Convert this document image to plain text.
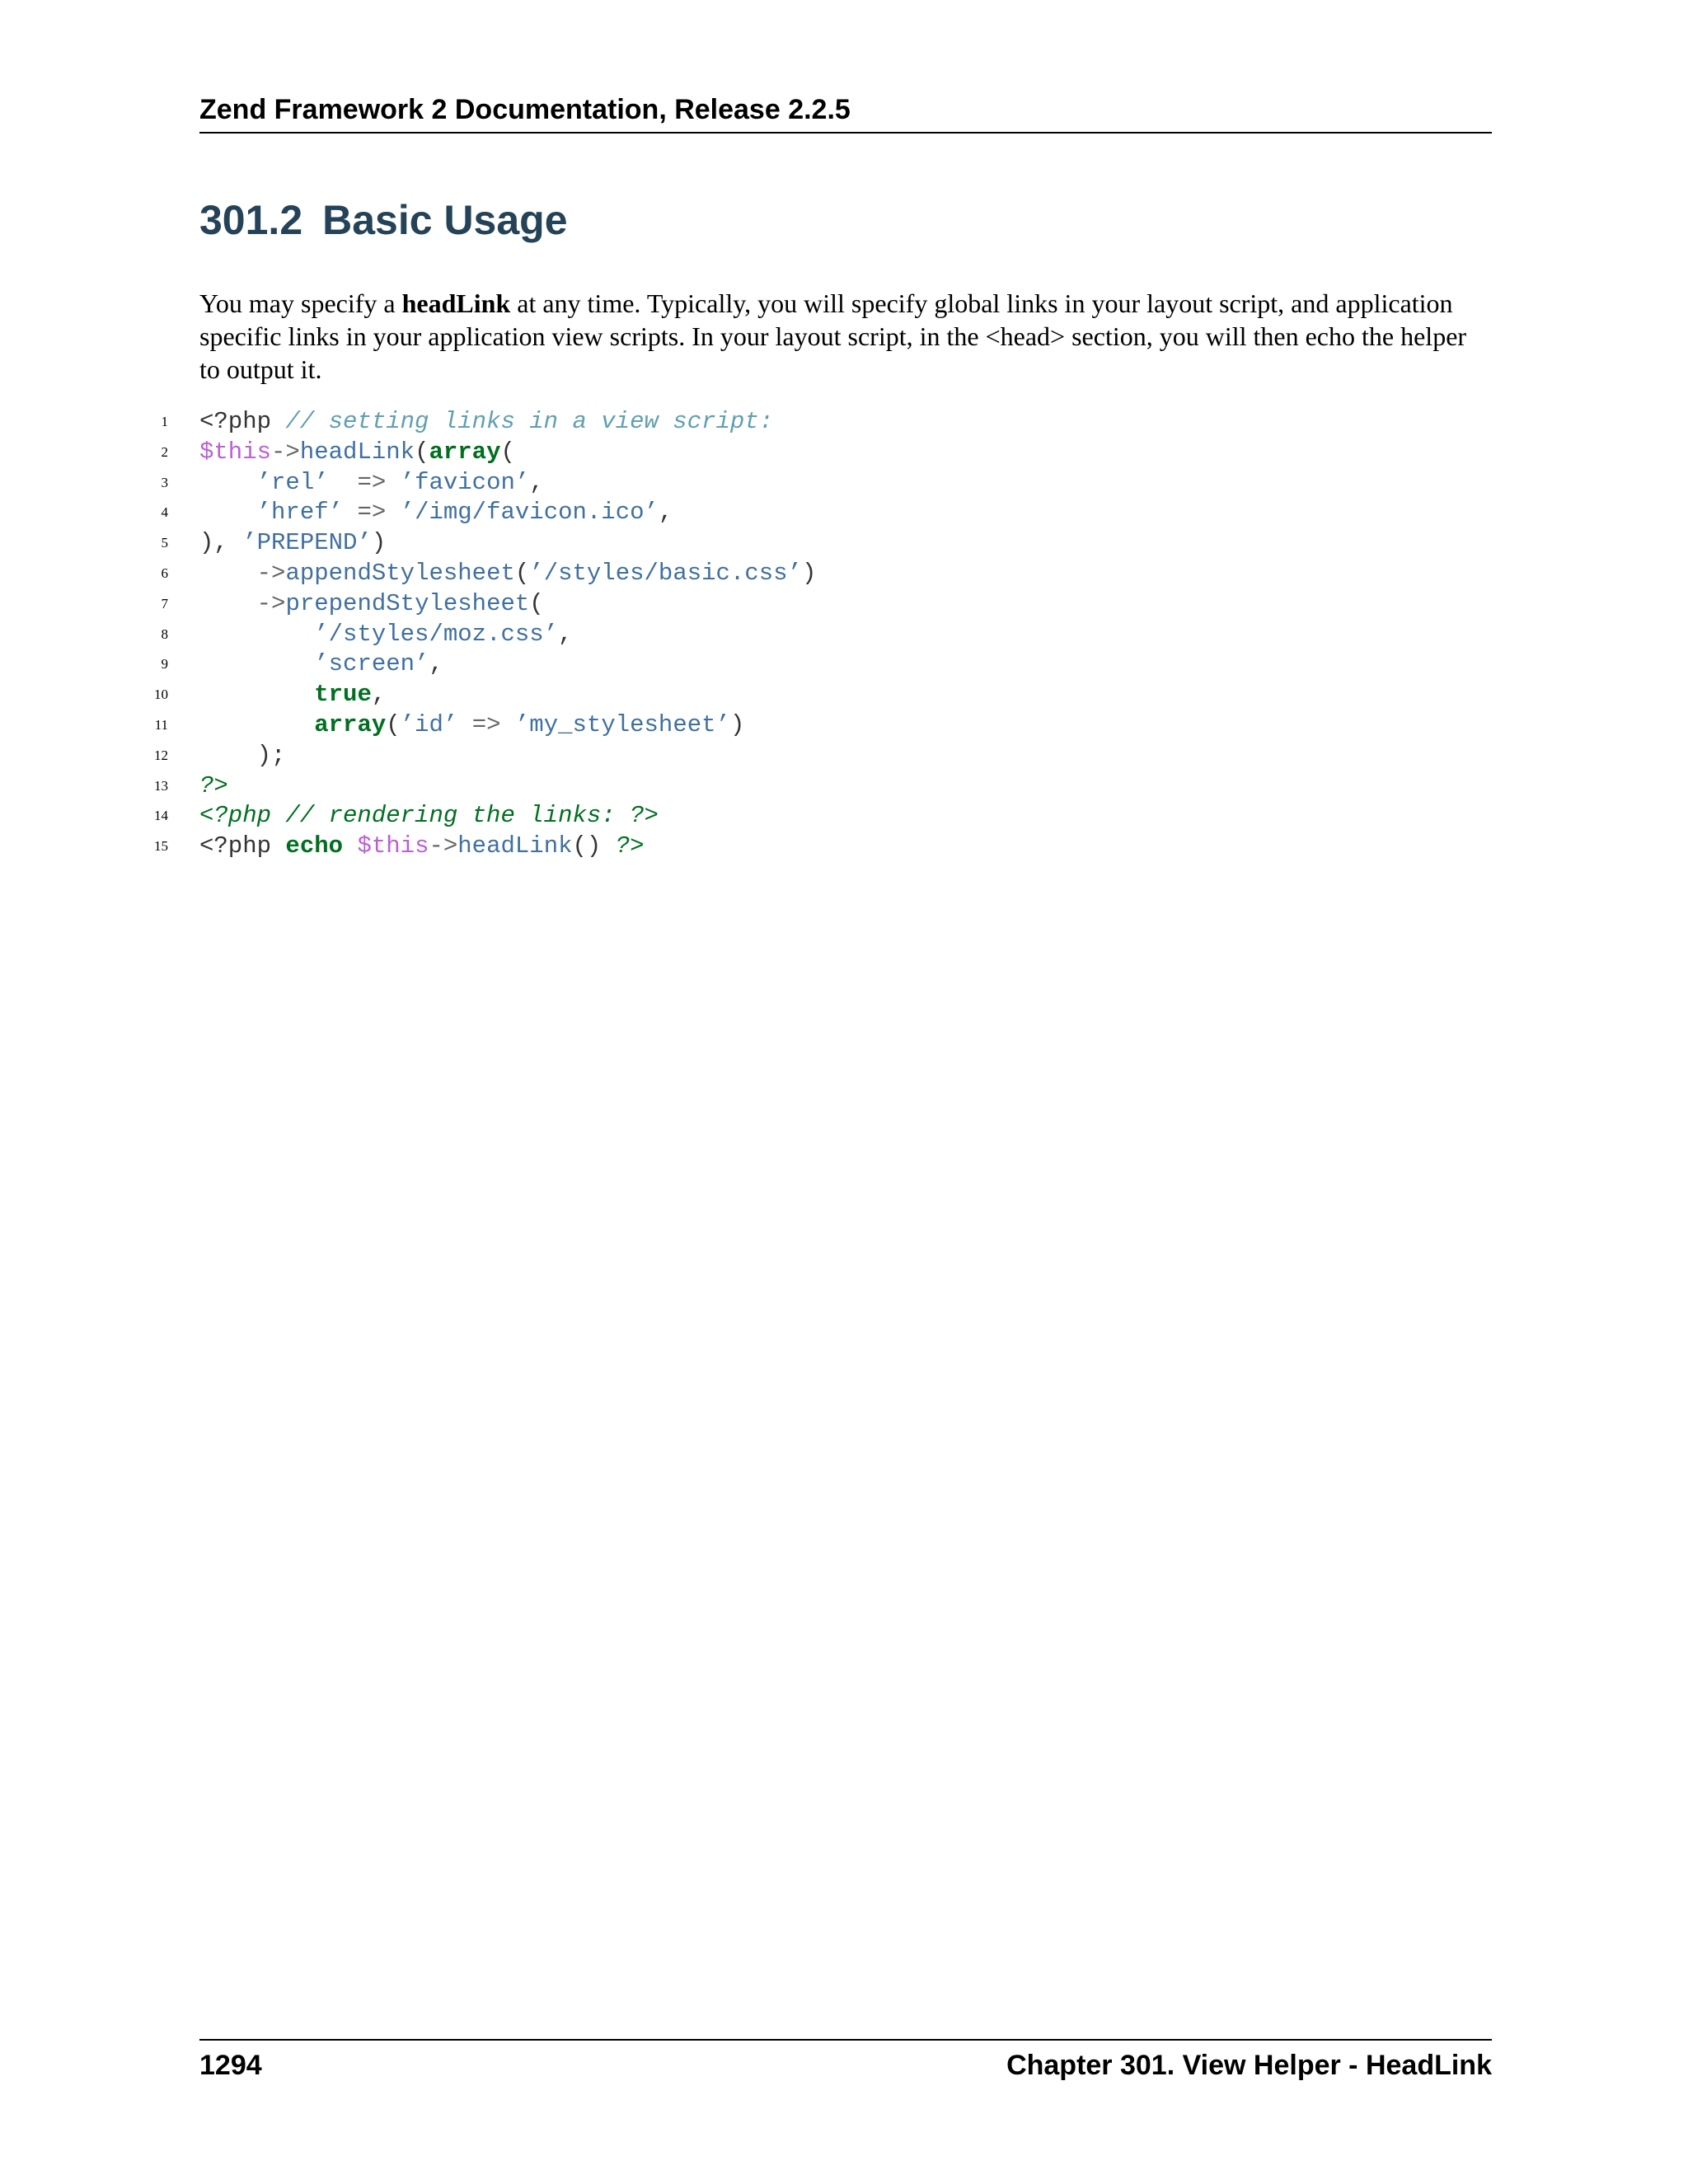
Zend Framework 2 Documentation, Release 2.2.5
301.2 Basic Usage

You may specify a headLink at any time. Typically, you will specify global links in your layout script, and application specific links in your application view scripts. In your layout script, in the <head> section, you will then echo the helper to output it.

1 <?php // setting links in a view script:
2 $this->headLink(array(
3	’rel’ => ’favicon’,
4	’href’ => ’/img/favicon.ico’,
5 ), ’PREPEND’)
6	->appendStylesheet(’/styles/basic.css’)
7	->prependStylesheet(
8	’/styles/moz.css’,
9	’screen’,
10	true,
11	array(’id’ => ’my_stylesheet’)
12 );
13 ?>
14 <?php // rendering the links: ?>
15 <?php echo $this->headLink() ?>
1294	Chapter 301. View Helper - HeadLink
